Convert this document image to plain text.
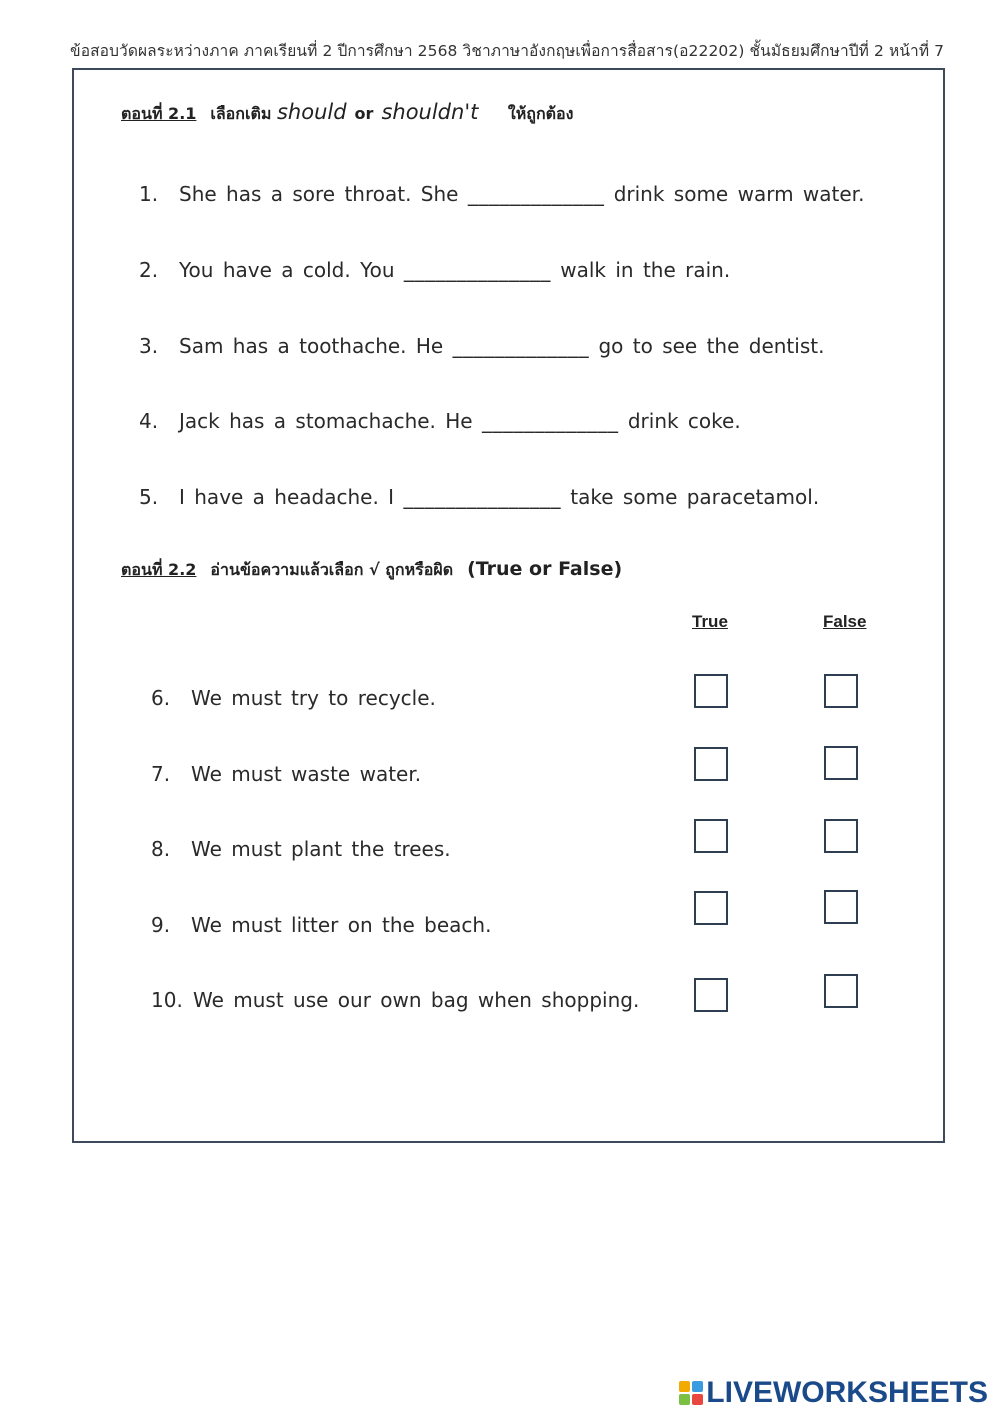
ข้อสอบวัดผลระหว่างภาค ภาคเรียนที่ 2 ปีการศึกษา 2568 วิชาภาษาอังกฤษเพื่อการสื่อสาร(อ22202) ชั้นมัธยมศึกษาปีที่ 2 หน้าที่ 7
ตอนที่ 2.1 เลือกเติม should or shouldn't ให้ถูกต้อง
1. She has a sore throat. She _____________ drink some warm water.
2. You have a cold. You ______________ walk in the rain.
3. Sam has a toothache. He _____________ go to see the dentist.
4. Jack has a stomachache. He _____________ drink coke.
5. I have a headache. I _______________ take some paracetamol.
ตอนที่ 2.2 อ่านข้อความแล้วเลือก √ ถูกหรือผิด (True or False)
True	False
6. We must try to recycle.
7. We must waste water.
8. We must plant the trees.
9. We must litter on the beach.
10. We must use our own bag when shopping.
LIVEWORKSHEETS
